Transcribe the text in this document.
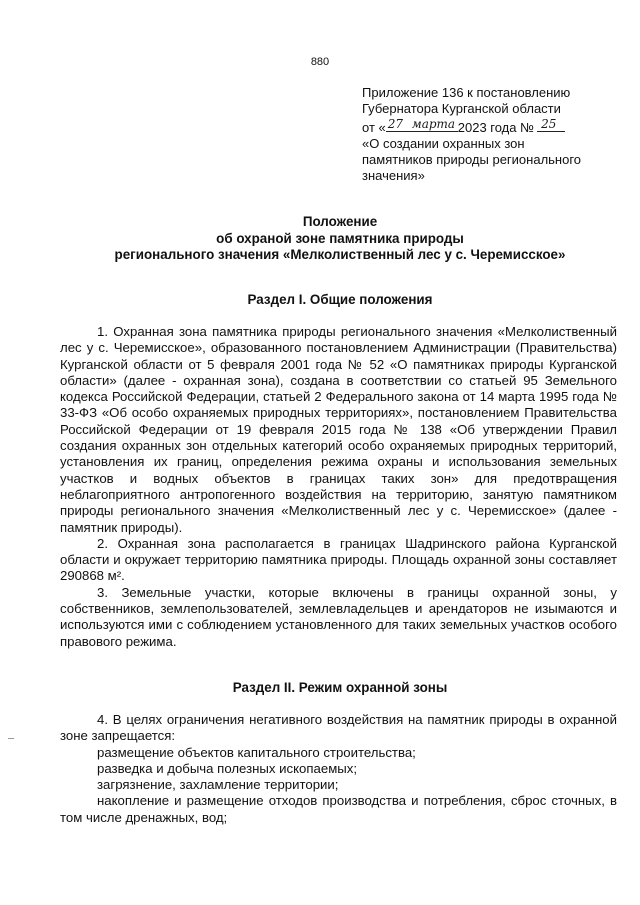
880
Приложение 136 к постановлению
Губернатора Курганской области
от « 27 марта 2023 года № 25
«О создании охранных зон
памятников природы регионального
значения»
Положение
об охраной зоне памятника природы
регионального значения «Мелколиственный лес у с. Черемисское»
Раздел I. Общие положения

1. Охранная зона памятника природы регионального значения «Мелколиственный лес у с. Черемисское», образованного постановлением Администрации (Правительства) Курганской области от 5 февраля 2001 года № 52 «О памятниках природы Курганской области» (далее - охранная зона), создана в соответствии со статьей 95 Земельного кодекса Российской Федерации, статьей 2 Федерального закона от 14 марта 1995 года № 33-ФЗ «Об особо охраняемых природных территориях», постановлением Правительства Российской Федерации от 19 февраля 2015 года № 138 «Об утверждении Правил создания охранных зон отдельных категорий особо охраняемых природных территорий, установления их границ, определения режима охраны и использования земельных участков и водных объектов в границах таких зон» для предотвращения неблагоприятного антропогенного воздействия на территорию, занятую памятником природы регионального значения «Мелколиственный лес у с. Черемисское» (далее - памятник природы).

2. Охранная зона располагается в границах Шадринского района Курганской области и окружает территорию памятника природы. Площадь охранной зоны составляет 290868 м².

3. Земельные участки, которые включены в границы охранной зоны, у собственников, землепользователей, землевладельцев и арендаторов не изымаются и используются ими с соблюдением установленного для таких земельных участков особого правового режима.

Раздел II. Режим охранной зоны

4. В целях ограничения негативного воздействия на памятник природы в охранной зоне запрещается:

размещение объектов капитального строительства;

разведка и добыча полезных ископаемых;

загрязнение, захламление территории;

накопление и размещение отходов производства и потребления, сброс сточных, в том числе дренажных, вод;
